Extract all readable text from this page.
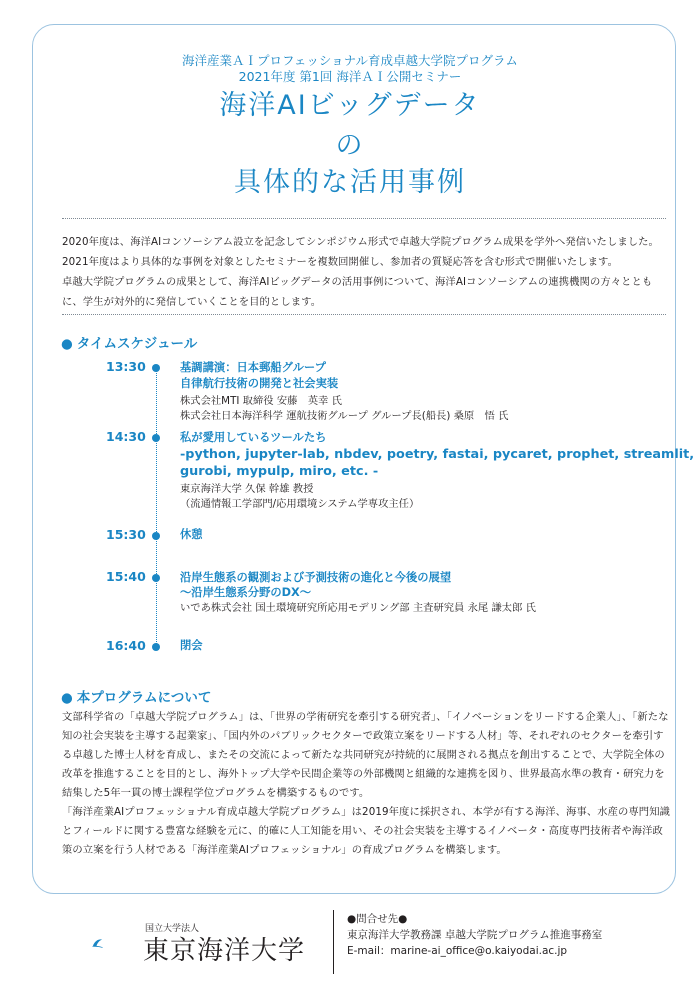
海洋産業ＡＩプロフェッショナル育成卓越大学院プログラム
2021年度 第1回 海洋ＡＩ公開セミナー
海洋AIビッグデータ
の
具体的な活用事例

2020年度は、海洋AIコンソーシアム設立を記念してシンポジウム形式で卓越大学院プログラム成果を学外へ発信いたしました。2021年度はより具体的な事例を対象としたセミナーを複数回開催し、参加者の質疑応答を含む形式で開催いたします。

卓越大学院プログラムの成果として、海洋AIビッグデータの活用事例について、海洋AIコンソーシアムの連携機関の方々とともに、学生が対外的に発信していくことを目的とします。

● タイムスケジュール
13:30	基調講演：日本郵船グループ
自律航行技術の開発と社会実装
株式会社MTI 取締役 安藤　英幸 氏
株式会社日本海洋科学 運航技術グループ グループ長(船長) 桑原　悟 氏
14:30	私が愛用しているツールたち
-python, jupyter-lab, nbdev, poetry, fastai, pycaret, prophet, streamlit,
gurobi, mypulp, miro, etc. -
東京海洋大学 久保 幹雄 教授
（流通情報工学部門/応用環境システム学専攻主任）
15:30	休憩
15:40	沿岸生態系の観測および予測技術の進化と今後の展望
～沿岸生態系分野のDX～
いであ株式会社 国土環境研究所応用モデリング部 主査研究員 永尾 謙太郎 氏
16:40	閉会
● 本プログラムについて

文部科学省の「卓越大学院プログラム」は、「世界の学術研究を牽引する研究者」、「イノベーションをリードする企業人」、「新たな知の社会実装を主導する起業家」、「国内外のパブリックセクターで政策立案をリードする人材」等、それぞれのセクターを牽引する卓越した博士人材を育成し、またその交流によって新たな共同研究が持続的に展開される拠点を創出することで、大学院全体の改革を推進することを目的とし、海外トップ大学や民間企業等の外部機関と組織的な連携を図り、世界最高水準の教育・研究力を結集した5年一貫の博士課程学位プログラムを構築するものです。

「海洋産業AIプロフェッショナル育成卓越大学院プログラム」は2019年度に採択され、本学が有する海洋、海事、水産の専門知識とフィールドに関する豊富な経験を元に、的確に人工知能を用い、その社会実装を主導するイノベータ・高度専門技術者や海洋政策の立案を行う人材である「海洋産業AIプロフェッショナル」の育成プログラムを構築します。

国立大学法人
東京海洋大学

●問合せ先●

東京海洋大学教務課 卓越大学院プログラム推進事務室

E-mail：marine-ai_office@o.kaiyodai.ac.jp
